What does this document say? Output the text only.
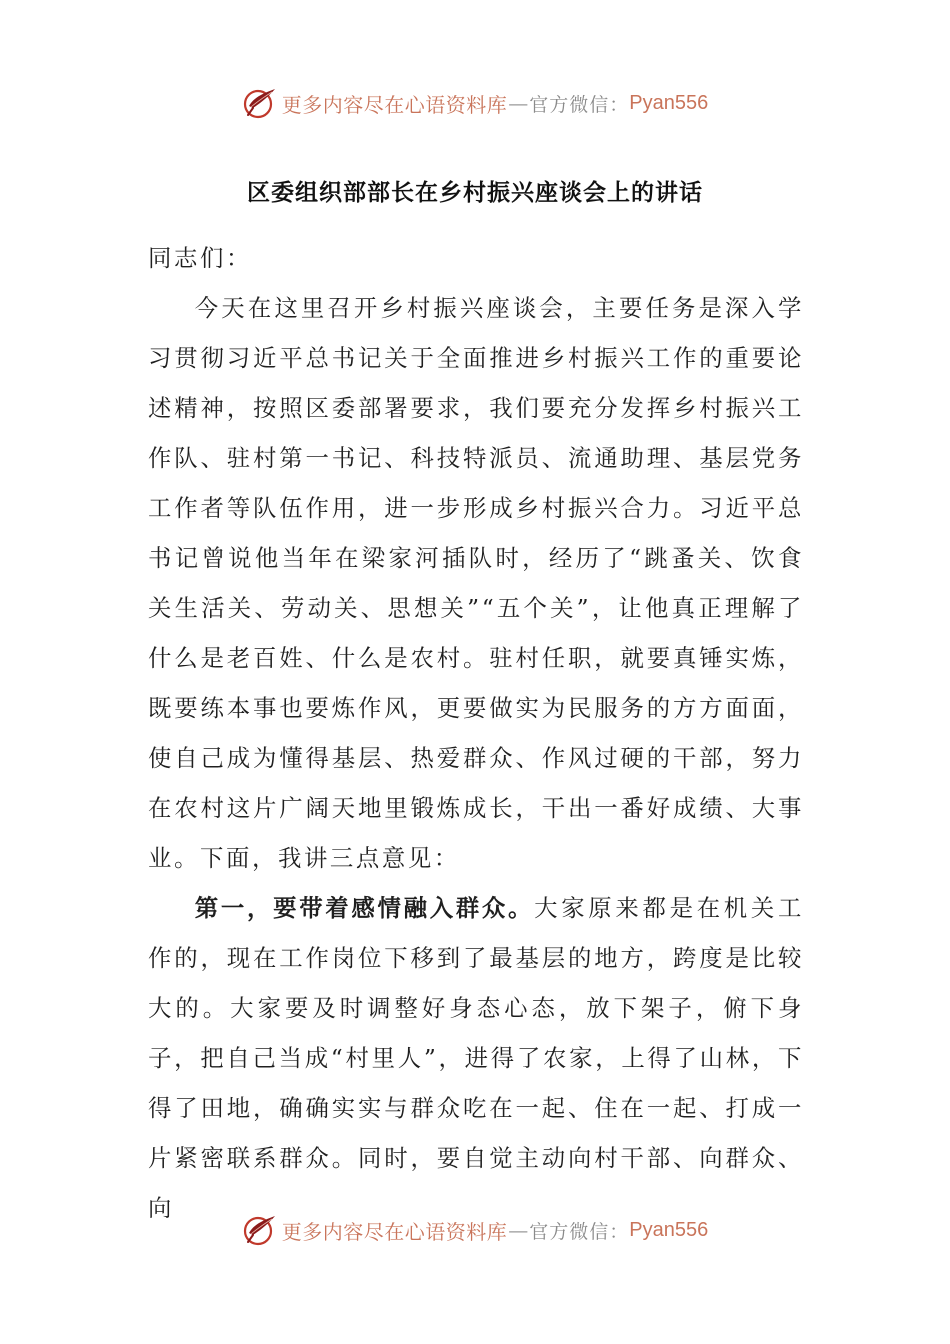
更多内容尽在心语资料库 — 官方微信： Pyan556
区委组织部部长在乡村振兴座谈会上的讲话

同志们：

今天在这里召开乡村振兴座谈会，主要任务是深入学习贯彻习近平总书记关于全面推进乡村振兴工作的重要论述精神，按照区委部署要求，我们要充分发挥乡村振兴工作队、驻村第一书记、科技特派员、流通助理、基层党务工作者等队伍作用，进一步形成乡村振兴合力。习近平总书记曾说他当年在梁家河插队时，经历了“跳蚤关、饮食关生活关、劳动关、思想关”“五个关”，让他真正理解了什么是老百姓、什么是农村。驻村任职，就要真锤实炼，既要练本事也要炼作风，更要做实为民服务的方方面面，使自己成为懂得基层、热爱群众、作风过硬的干部，努力在农村这片广阔天地里锻炼成长，干出一番好成绩、大事业。下面，我讲三点意见：

第一，要带着感情融入群众。大家原来都是在机关工作的，现在工作岗位下移到了最基层的地方，跨度是比较大的。大家要及时调整好身态心态，放下架子，俯下身子，把自己当成“村里人”，进得了农家，上得了山林，下得了田地，确确实实与群众吃在一起、住在一起、打成一片紧密联系群众。同时，要自觉主动向村干部、向群众、向

更多内容尽在心语资料库 — 官方微信： Pyan556
